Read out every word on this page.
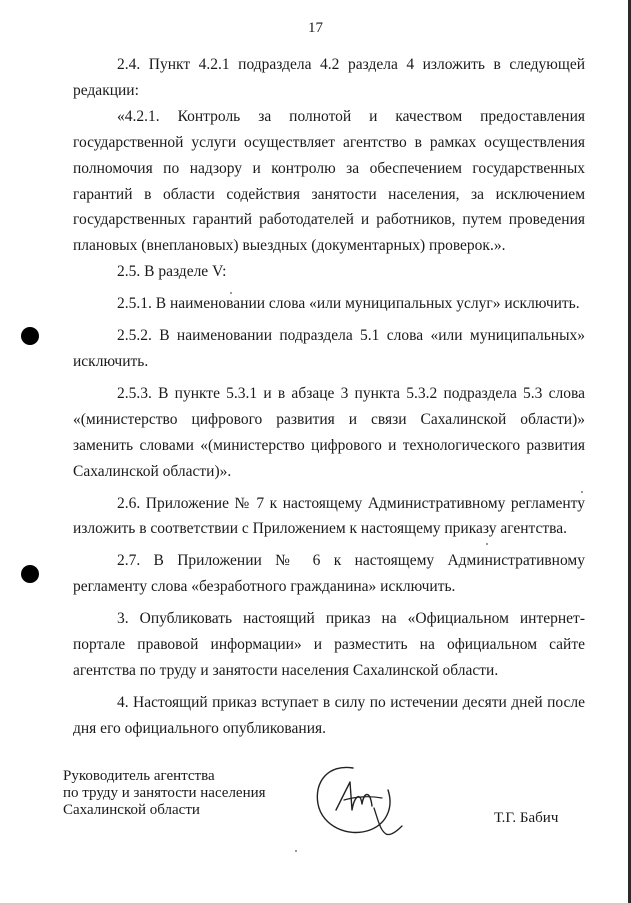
17

2.4. Пункт 4.2.1 подраздела 4.2 раздела 4 изложить в следующей редакции:

«4.2.1. Контроль за полнотой и качеством предоставления государственной услуги осуществляет агентство в рамках осуществления полномочия по надзору и контролю за обеспечением государственных гарантий в области содействия занятости населения, за исключением государственных гарантий работодателей и работников, путем проведения плановых (внеплановых) выездных (документарных) проверок.».

2.5. В разделе V:

2.5.1. В наименовании слова «или муниципальных услуг» исключить.

2.5.2. В наименовании подраздела 5.1 слова «или муниципальных» исключить.

2.5.3. В пункте 5.3.1 и в абзаце 3 пункта 5.3.2 подраздела 5.3 слова «(министерство цифрового развития и связи Сахалинской области)» заменить словами «(министерство цифрового и технологического развития Сахалинской области)».

2.6. Приложение № 7 к настоящему Административному регламенту изложить в соответствии с Приложением к настоящему приказу агентства.

2.7. В Приложении № 6 к настоящему Административному регламенту слова «безработного гражданина» исключить.

3. Опубликовать настоящий приказ на «Официальном интернет-портале правовой информации» и разместить на официальном сайте агентства по труду и занятости населения Сахалинской области.

4. Настоящий приказ вступает в силу по истечении десяти дней после дня его официального опубликования.

Руководитель агентства
по труду и занятости населения
Сахалинской области	Т.Г. Бабич
